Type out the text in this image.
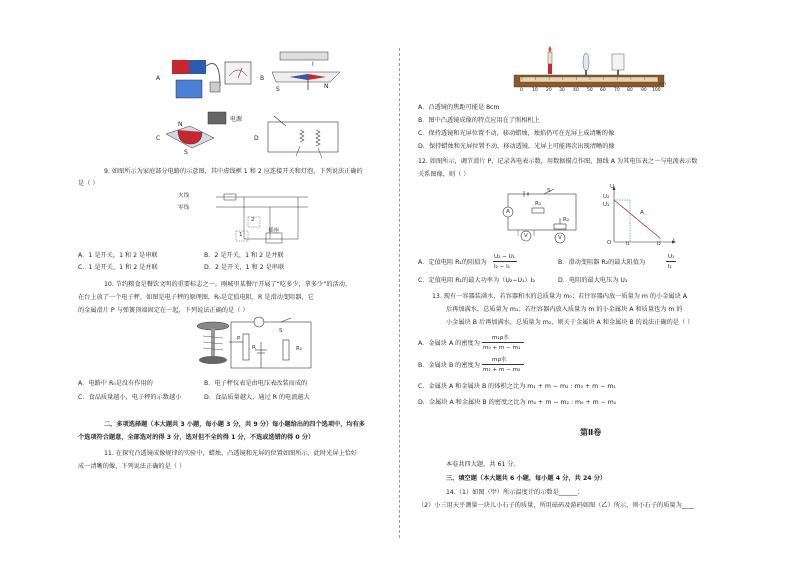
A	B
S	N
I
C
N
S
电源
D
9. 如图所示为家庭部分电路的示意图，其中虚线框 1 和 2 应连接开关和灯泡，下列说法正确的
是（ ）
火线
零线
2
1
插座
A．1 是开关，1 和 2 是串联	B．2 是开关，1 和 2 是并联
C．1 是开关，1 和 2 是并联	D．2 是开关，1 和 2 是串联
10. 节约粮食是餐饮文明的重要标志之一。刚城里某餐厅开展了“吃多少，拿多少”的活动，
在台上放了一个电子秤，如图是电子秤的原理图，R₀是定值电阻，R 是滑动变阻器，它
的金属滑片 P 与弹簧顶端固定在一起，下列说法正确的是（ ）
P
R
S
R₀
A．电路中 R₀是没有作用的	B．电子秤仪表是由电压表改装而成的
C．食品质量越小，电子秤的示数越小	D．食品质量越大，通过 R 的电流越大
二、多项选择题（本大题共 3 小题，每小题 3 分，共 9 分）每小题给出的四个选项中，均有多
个选项符合题意，全部选对的得 3 分，选对但不全的得 1 分，不选或选错的得 0 分）
11. 在探究凸透镜成像规律的实验中，蜡烛、凸透镜和光屏的位置如图所示，此时光屏上恰好
成一清晰的像，下列说法正确的是（ ）
0 10 20 30 40 50 60 70 80 90 100
cm
A．凸透镜的焦距可能是 8cm
B．图中凸透镜成像的特点应用在了照相机上
C．保持透镜和光屏位置不动，移动蜡烛，烛焰仍可在光屏上成清晰的像
D．保持蜡烛和光屏位置不动，移动透镜，光屏上可能再次出现清晰的像
12. 如图所示，调节滑片 P，记录各电表示数，用数据描点作图，图线 A 为其电压表之一与电流表示数
关系图像，则（ ）
A
S
R₁
R₂
V	V
U
U₂
U₁
A
O	I₁	I₂ I
A．定值电阻 R₁的阻值为
U₂ − U₁
I₂ − I₁
B．滑动变阻器 R₂的最大阻值为
U₁
I₁
C．定值电阻 R₁的最大功率为（U₂−U₁）I₂	D．电阻的最大电压为 U₂
13. 现有一容器装满水，若容器和水的总质量为 m₀；若往容器内放一质量为 m 的小金属块 A
后再加满水，总质量为 m₁；若往容器内放入质量为 m 的小金属块 A 和质量也为 m 的
小金属块 B 后再加满水，总质量为 m₂，则关于金属块 A 和金属块 B 的说法正确的是（ ）
A．金属块 A 的密度为
m₁ρ水
m₀ + m − m₁
B．金属块 B 的密度为
mρ水
m₁ + m − m₂
C．金属块 A 和金属块 B 的体积之比为 m₁ + m − m₂ : m₀ + m − m₁
D．金属块 A 和金属块 B 的密度之比为 m₁ + m − m₂ : m₀ + m − m₁
第Ⅱ卷
本卷共四大题，共 61 分。
三、填空题（本大题共 6 小题，每小题 4 分，共 24 分）
14.（1）如图（甲）所示温度计的示数是______；
（2）小三用天平测量一块儿小石子的质量，所用砝码及游码如图（乙）所示，则小石子的质量为____
